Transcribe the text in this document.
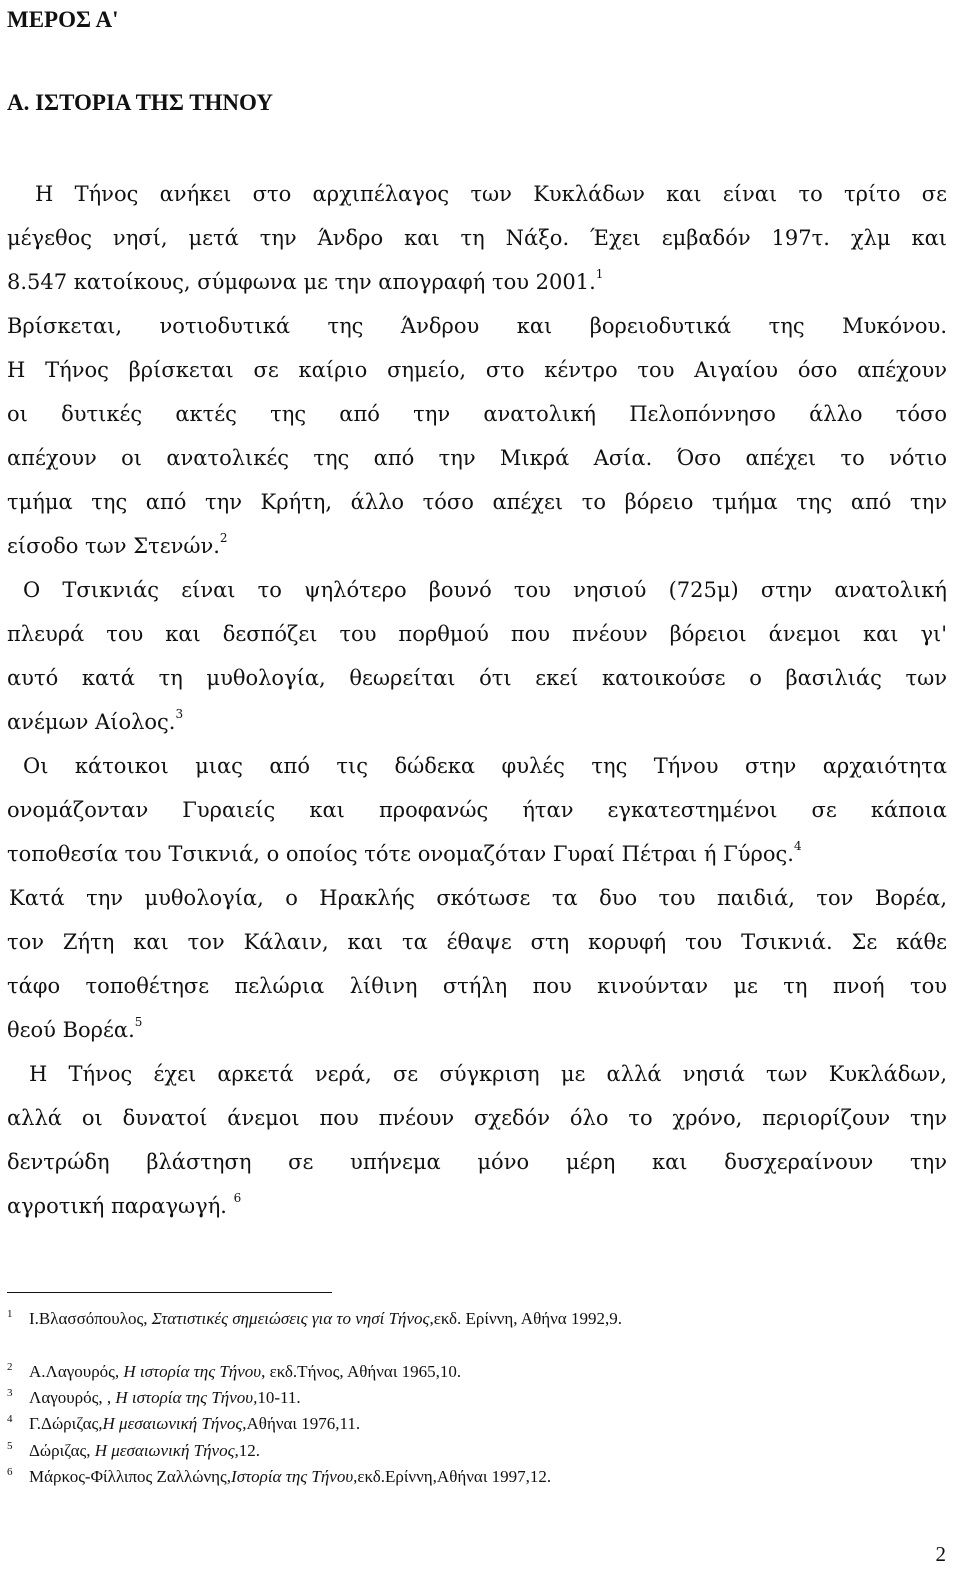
ΜΕΡΟΣ Α'
Α. ΙΣΤΟΡΙΑ ΤΗΣ ΤΗΝΟΥ
Η Τήνος ανήκει στο αρχιπέλαγος των Κυκλάδων και είναι το τρίτο σε
μέγεθος νησί, μετά την Άνδρο και τη Νάξο. Έχει εμβαδόν 197τ. χλμ και
8.547 κατοίκους, σύμφωνα με την απογραφή του 2001.$^1$
Βρίσκεται, νοτιοδυτικά της Άνδρου και βορειοδυτικά της Μυκόνου.
Η Τήνος βρίσκεται σε καίριο σημείο, στο κέντρο του Αιγαίου όσο απέχουν
οι δυτικές ακτές της από την ανατολική Πελοπόννησο άλλο τόσο
απέχουν οι ανατολικές της από την Μικρά Ασία. Όσο απέχει το νότιο
τμήμα της από την Κρήτη, άλλο τόσο απέχει το βόρειο τμήμα της από την
είσοδο των Στενών.$^2$
Ο Τσικνιάς είναι το ψηλότερο βουνό του νησιού (725μ) στην ανατολική
πλευρά του και δεσπόζει του πορθμού που πνέουν βόρειοι άνεμοι και γι'
αυτό κατά τη μυθολογία, θεωρείται ότι εκεί κατοικούσε ο βασιλιάς των
ανέμων Αίολος.$^3$
Οι κάτοικοι μιας από τις δώδεκα φυλές της Τήνου στην αρχαιότητα
ονομάζονταν Γυραιείς και προφανώς ήταν εγκατεστημένοι σε κάποια
τοποθεσία του Τσικνιά, ο οποίος τότε ονομαζόταν Γυραί Πέτραι ή Γύρος.$^4$
Κατά την μυθολογία, ο Ηρακλής σκότωσε τα δυο του παιδιά, τον Βορέα,
τον Ζήτη και τον Κάλαιν, και τα έθαψε στη κορυφή του Τσικνιά. Σε κάθε
τάφο τοποθέτησε πελώρια λίθινη στήλη που κινούνταν με τη πνοή του
θεού Βορέα.$^5$
Η Τήνος έχει αρκετά νερά, σε σύγκριση με αλλά νησιά των Κυκλάδων,
αλλά οι δυνατοί άνεμοι που πνέουν σχεδόν όλο το χρόνο, περιορίζουν την
δεντρώδη βλάστηση σε υπήνεμα μόνο μέρη και δυσχεραίνουν την
αγροτική παραγωγή. $^6$
1 Ι.Βλασσόπουλος, Στατιστικές σημειώσεις για το νησί Τήνος,εκδ. Ερίννη, Αθήνα 1992,9.
2 Α.Λαγουρός, Η ιστορία της Τήνου, εκδ.Τήνος, Αθήναι 1965,10.
3 Λαγουρός, , Η ιστορία της Τήνου,10-11.
4 Γ.Δώριζας,Η μεσαιωνική Τήνος,Αθήναι 1976,11.
5 Δώριζας, Η μεσαιωνική Τήνος,12.
6 Μάρκος-Φίλλιπος Ζαλλώνης,Ιστορία της Τήνου,εκδ.Ερίννη,Αθήναι 1997,12.
2
